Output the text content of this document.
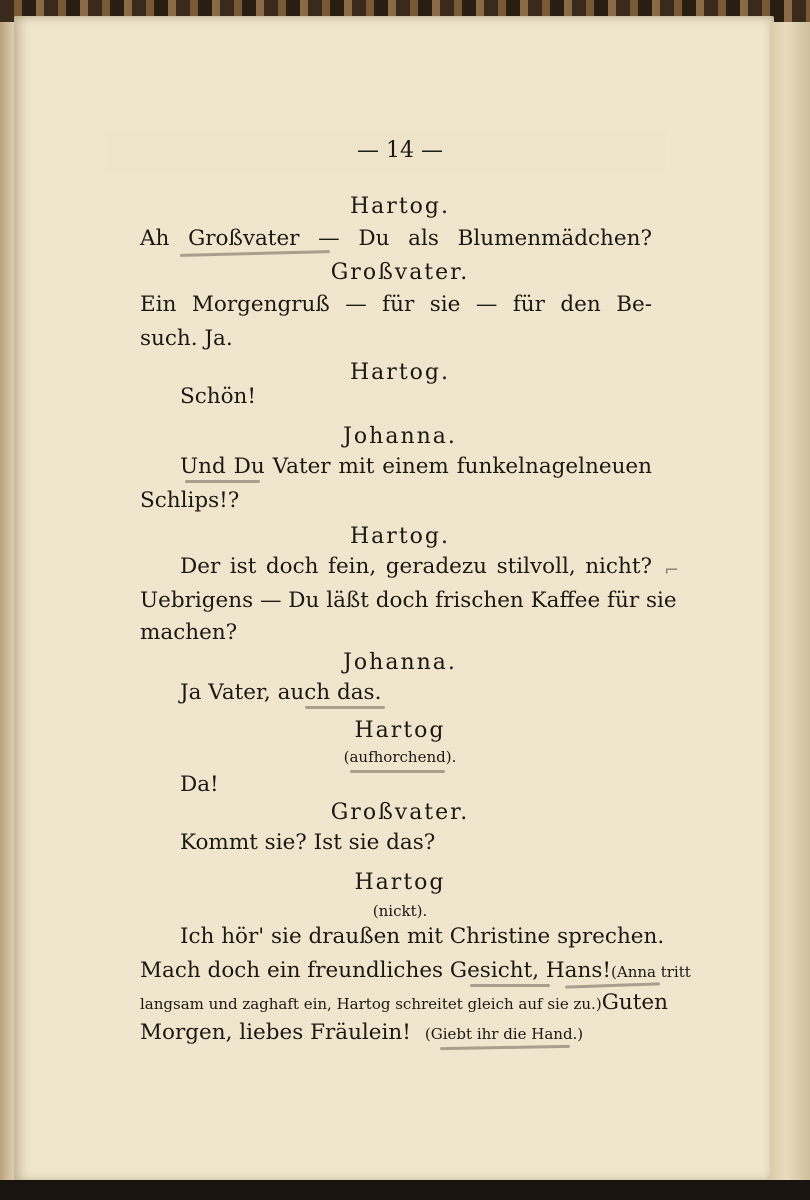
— 14 —
Hartog.
Ah Großvater — Du als Blumenmädchen?
Großvater.
Ein Morgengruß — für sie — für den Be-
such. Ja.
Hartog.
Schön!
Johanna.
Und Du Vater mit einem funkelnagelneuen
Schlips!?
Hartog.
Der ist doch fein, geradezu stilvoll, nicht?
Uebrigens — Du läßt doch frischen Kaffee für sie
machen?
Johanna.
Ja Vater, auch das.
Hartog
(aufhorchend).
Da!
Großvater.
Kommt sie? Ist sie das?
Hartog
(nickt).
Ich hör' sie draußen mit Christine sprechen.
Mach doch ein freundliches Gesicht, Hans! (Anna tritt
langsam und zaghaft ein, Hartog schreitet gleich auf sie zu.) Guten
Morgen, liebes Fräulein! (Giebt ihr die Hand.)
⌐
